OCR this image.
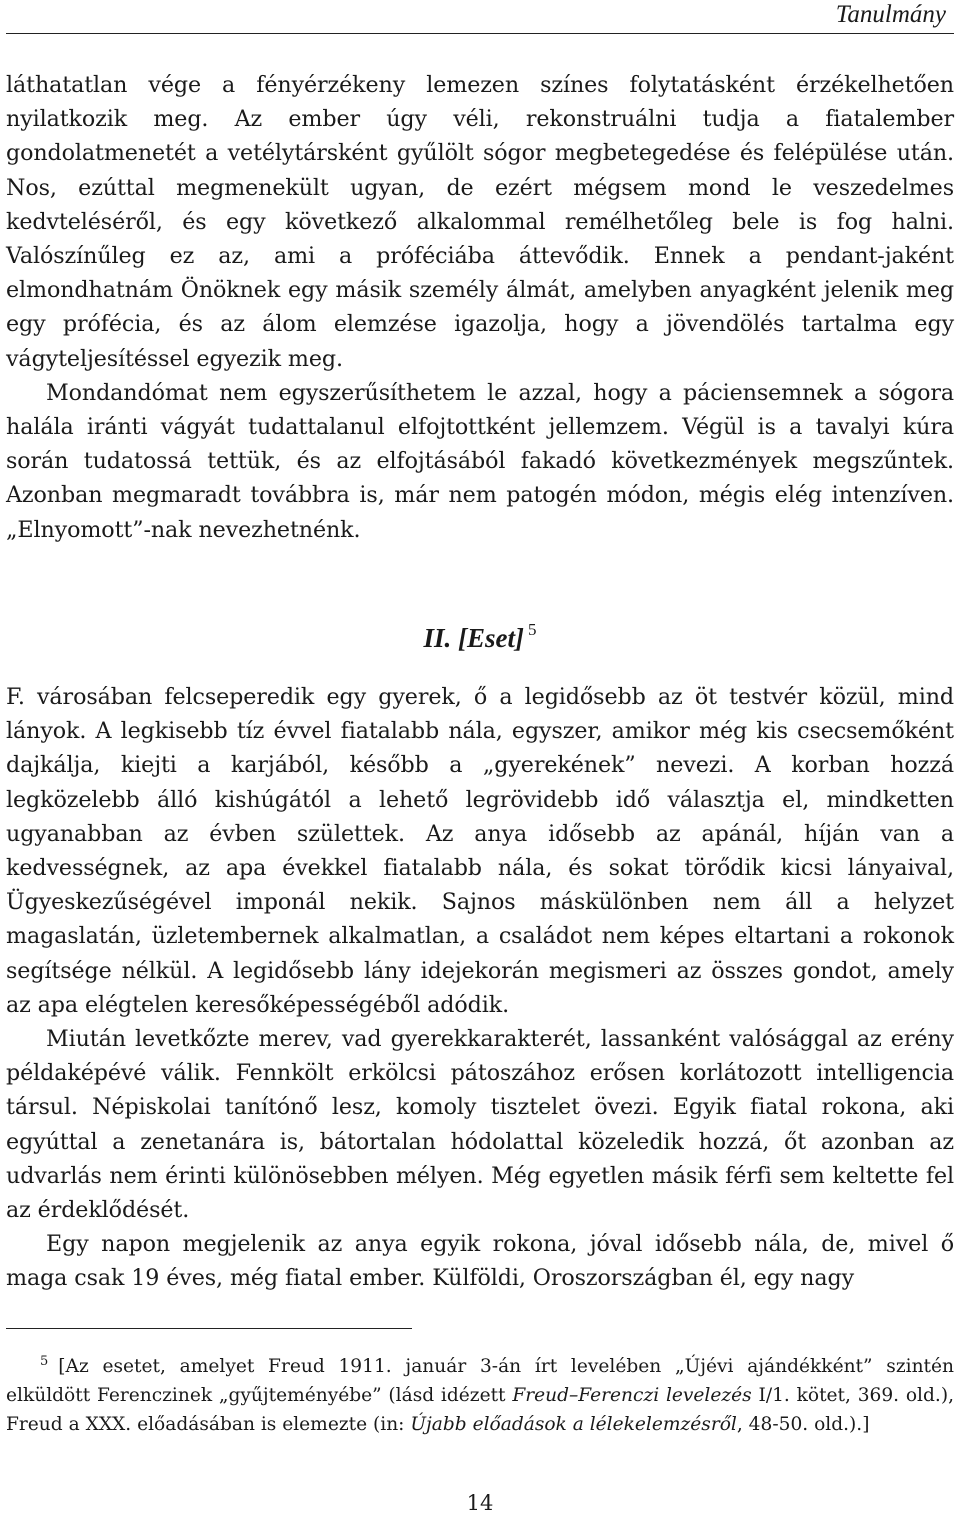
Tanulmány

láthatatlan vége a fényérzékeny lemezen színes folytatásként érzékelhetően nyilatkozik meg. Az ember úgy véli, rekonstruálni tudja a fiatalember gondolatmenetét a vetélytársként gyűlölt sógor megbetegedése és felépülése után. Nos, ezúttal megmenekült ugyan, de ezért mégsem mond le veszedelmes kedvteléséről, és egy következő alkalommal remélhetőleg bele is fog halni. Valószínűleg ez az, ami a próféciába áttevődik. Ennek a pendant-jaként elmondhatnám Önöknek egy másik személy álmát, amelyben anyagként jelenik meg egy prófécia, és az álom elemzése igazolja, hogy a jövendölés tartalma egy vágyteljesítéssel egyezik meg.

Mondandómat nem egyszerűsíthetem le azzal, hogy a páciensemnek a sógora halála iránti vágyát tudattalanul elfojtottként jellemzem. Végül is a tavalyi kúra során tudatossá tettük, és az elfojtásából fakadó következmények megszűntek. Azonban megmaradt továbbra is, már nem patogén módon, mégis elég intenzíven. „Elnyomott”-nak nevezhetnénk.

II. [Eset] $^5$

F. városában felcseperedik egy gyerek, ő a legidősebb az öt testvér közül, mind lányok. A legkisebb tíz évvel fiatalabb nála, egyszer, amikor még kis csecsemőként dajkálja, kiejti a karjából, később a „gyerekének” nevezi. A korban hozzá legközelebb álló kishúgától a lehető legrövidebb idő választja el, mindketten ugyanabban az évben születtek. Az anya idősebb az apánál, híján van a kedvességnek, az apa évekkel fiatalabb nála, és sokat törődik kicsi lányaival, Ügyeskezűségével imponál nekik. Sajnos máskülönben nem áll a helyzet magaslatán, üzletembernek alkalmatlan, a családot nem képes eltartani a rokonok segítsége nélkül. A legidősebb lány idejekorán megismeri az összes gondot, amely az apa elégtelen keresőképességéből adódik.

Miután levetkőzte merev, vad gyerekkarakterét, lassanként valósággal az erény példaképévé válik. Fennkölt erkölcsi pátoszához erősen korlátozott intelligencia társul. Népiskolai tanítónő lesz, komoly tisztelet övezi. Egyik fiatal rokona, aki egyúttal a zenetanára is, bátortalan hódolattal közeledik hozzá, őt azonban az udvarlás nem érinti különösebben mélyen. Még egyetlen másik férfi sem keltette fel az érdeklődését.

Egy napon megjelenik az anya egyik rokona, jóval idősebb nála, de, mivel ő maga csak 19 éves, még fiatal ember. Külföldi, Oroszországban él, egy nagy

$^5$ [Az esetet, amelyet Freud 1911. január 3-án írt levelében „Újévi ajándékként” szintén elküldött Ferenczinek „gyűjteményébe” (lásd idézett Freud–Ferenczi levelezés I/1. kötet, 369. old.), Freud a XXX. előadásában is elemezte (in: Újabb előadások a lélekelemzésről, 48-50. old.).]
14
